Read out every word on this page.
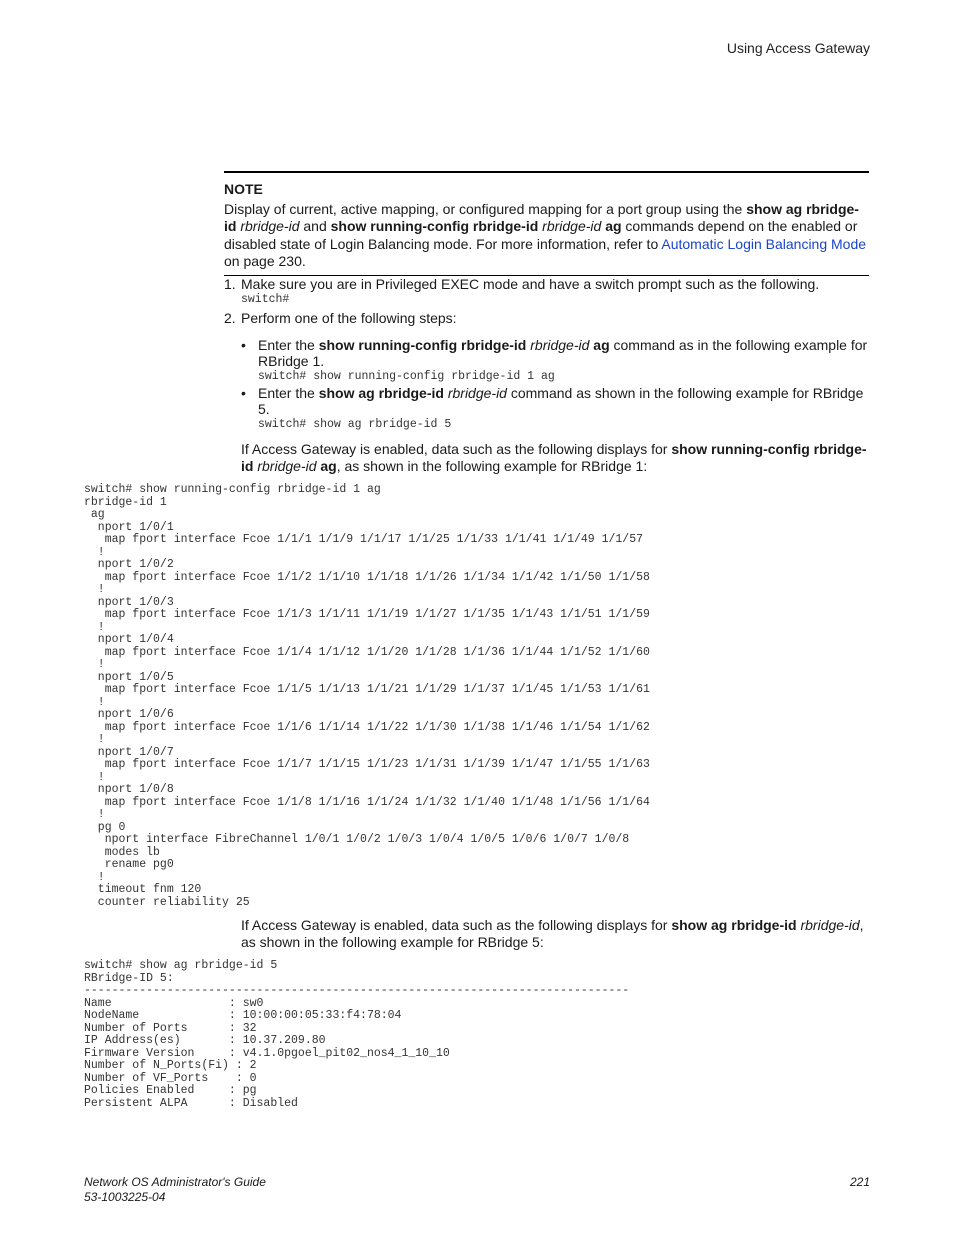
Using Access Gateway

NOTE

Display of current, active mapping, or configured mapping for a port group using the show ag rbridge-id rbridge-id and show running-config rbridge-id rbridge-id ag commands depend on the enabled or disabled state of Login Balancing mode. For more information, refer to Automatic Login Balancing Mode on page 230.

1. Make sure you are in Privileged EXEC mode and have a switch prompt such as the following.
switch#
2. Perform one of the following steps:
• Enter the show running-config rbridge-id rbridge-id ag command as in the following example for RBridge 1.
switch# show running-config rbridge-id 1 ag
• Enter the show ag rbridge-id rbridge-id command as shown in the following example for RBridge 5.
switch# show ag rbridge-id 5
If Access Gateway is enabled, data such as the following displays for show running-config rbridge-id rbridge-id ag, as shown in the following example for RBridge 1:
switch# show running-config rbridge-id 1 ag
rbridge-id 1
ag
nport 1/0/1
map fport interface Fcoe 1/1/1 1/1/9 1/1/17 1/1/25 1/1/33 1/1/41 1/1/49 1/1/57
!
nport 1/0/2
map fport interface Fcoe 1/1/2 1/1/10 1/1/18 1/1/26 1/1/34 1/1/42 1/1/50 1/1/58
!
nport 1/0/3
map fport interface Fcoe 1/1/3 1/1/11 1/1/19 1/1/27 1/1/35 1/1/43 1/1/51 1/1/59
!
nport 1/0/4
map fport interface Fcoe 1/1/4 1/1/12 1/1/20 1/1/28 1/1/36 1/1/44 1/1/52 1/1/60
!
nport 1/0/5
map fport interface Fcoe 1/1/5 1/1/13 1/1/21 1/1/29 1/1/37 1/1/45 1/1/53 1/1/61
!
nport 1/0/6
map fport interface Fcoe 1/1/6 1/1/14 1/1/22 1/1/30 1/1/38 1/1/46 1/1/54 1/1/62
!
nport 1/0/7
map fport interface Fcoe 1/1/7 1/1/15 1/1/23 1/1/31 1/1/39 1/1/47 1/1/55 1/1/63
!
nport 1/0/8
map fport interface Fcoe 1/1/8 1/1/16 1/1/24 1/1/32 1/1/40 1/1/48 1/1/56 1/1/64
!
pg 0
nport interface FibreChannel 1/0/1 1/0/2 1/0/3 1/0/4 1/0/5 1/0/6 1/0/7 1/0/8
modes lb
rename pg0
!
timeout fnm 120
counter reliability 25
If Access Gateway is enabled, data such as the following displays for show ag rbridge-id rbridge-id, as shown in the following example for RBridge 5:
switch# show ag rbridge-id 5
RBridge-ID 5:
-------------------------------------------------------------------------------
Name                 : sw0
NodeName             : 10:00:00:05:33:f4:78:04
Number of Ports      : 32
IP Address(es)       : 10.37.209.80
Firmware Version     : v4.1.0pgoel_pit02_nos4_1_10_10
Number of N_Ports(Fi) : 2
Number of VF_Ports    : 0
Policies Enabled     : pg
Persistent ALPA      : Disabled
Network OS Administrator's Guide
53-1003225-04
221
